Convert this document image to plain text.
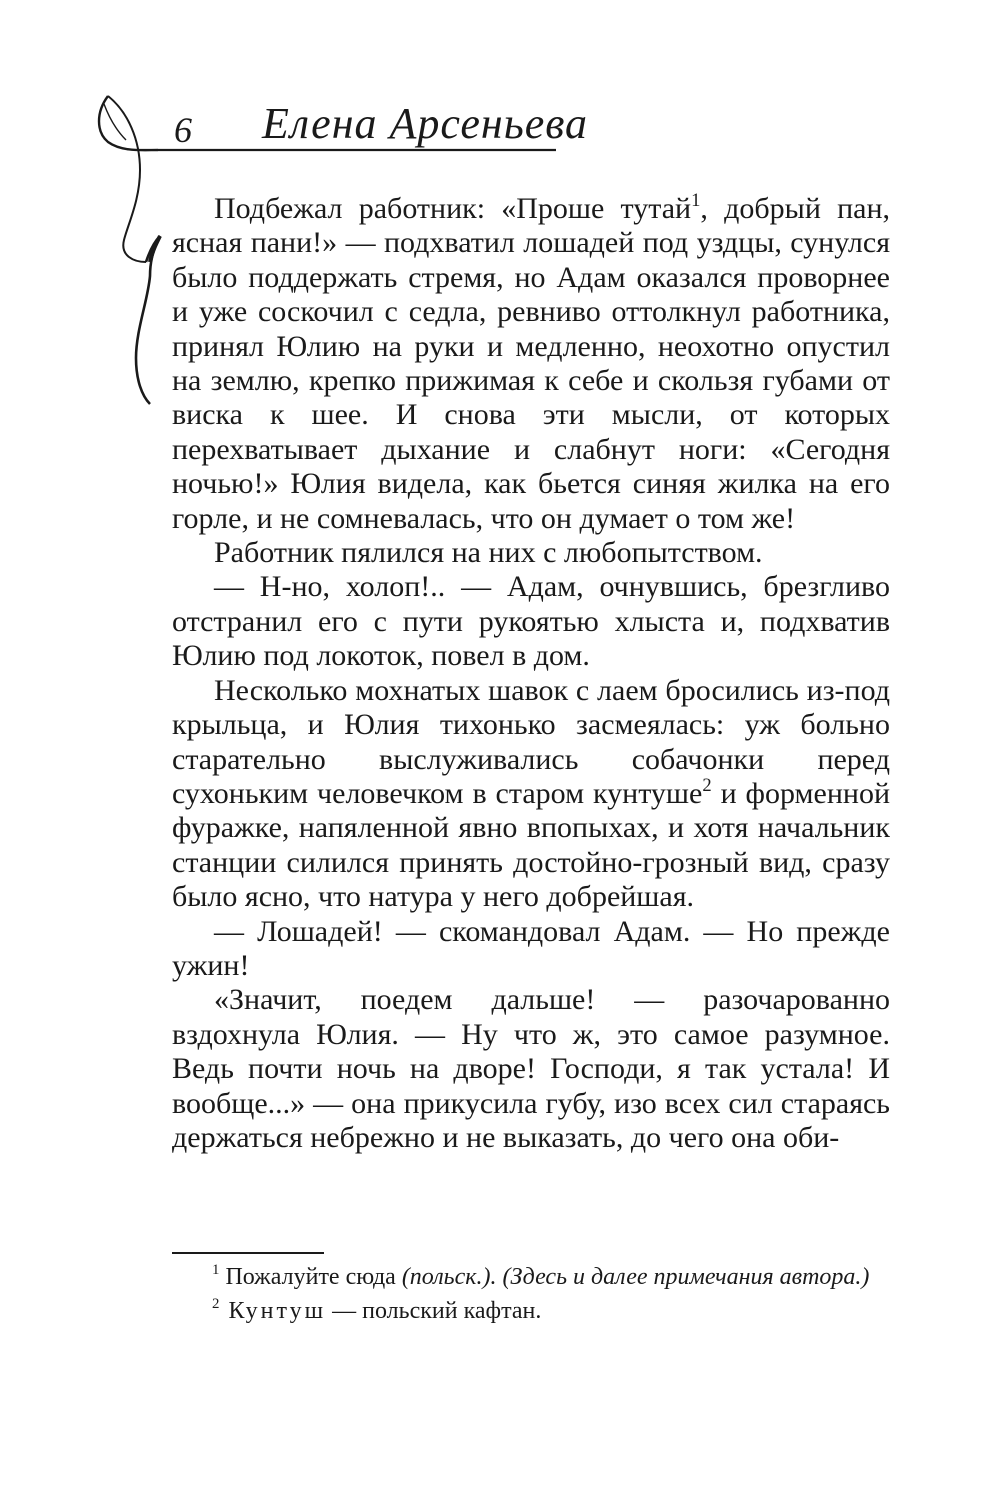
6 Елена Арсеньева

Подбежал работник: «Проше тутай$^1$, добрый пан, ясная пани!» — подхватил лошадей под уздцы, сунулся было поддержать стремя, но Адам оказался проворнее и уже соскочил с седла, ревниво оттолкнул работника, принял Юлию на руки и медленно, неохотно опустил на землю, крепко прижимая к себе и скользя губами от виска к шее. И снова эти мысли, от которых перехватывает дыхание и слабнут ноги: «Сегодня ночью!» Юлия видела, как бьется синяя жилка на его горле, и не сомневалась, что он думает о том же!

Работник пялился на них с любопытством.

— Н-но, холоп!.. — Адам, очнувшись, брезгливо отстранил его с пути рукоятью хлыста и, подхватив Юлию под локоток, повел в дом.

Несколько мохнатых шавок с лаем бросились из-под крыльца, и Юлия тихонько засмеялась: уж больно старательно выслуживались собачонки перед сухоньким человечком в старом кунтуше$^2$ и форменной фуражке, напяленной явно впопыхах, и хотя начальник станции силился принять достойно-грозный вид, сразу было ясно, что натура у него добрейшая.

— Лошадей! — скомандовал Адам. — Но прежде ужин!

«Значит, поедем дальше! — разочарованно вздохнула Юлия. — Ну что ж, это самое разумное. Ведь почти ночь на дворе! Господи, я так устала! И вообще...» — она прикусила губу, изо всех сил стараясь держаться небрежно и не выказать, до чего она оби-

$^1$ Пожалуйте сюда (польск.). (Здесь и далее примечания автора.)

$^2$ Кунтуш — польский кафтан.
